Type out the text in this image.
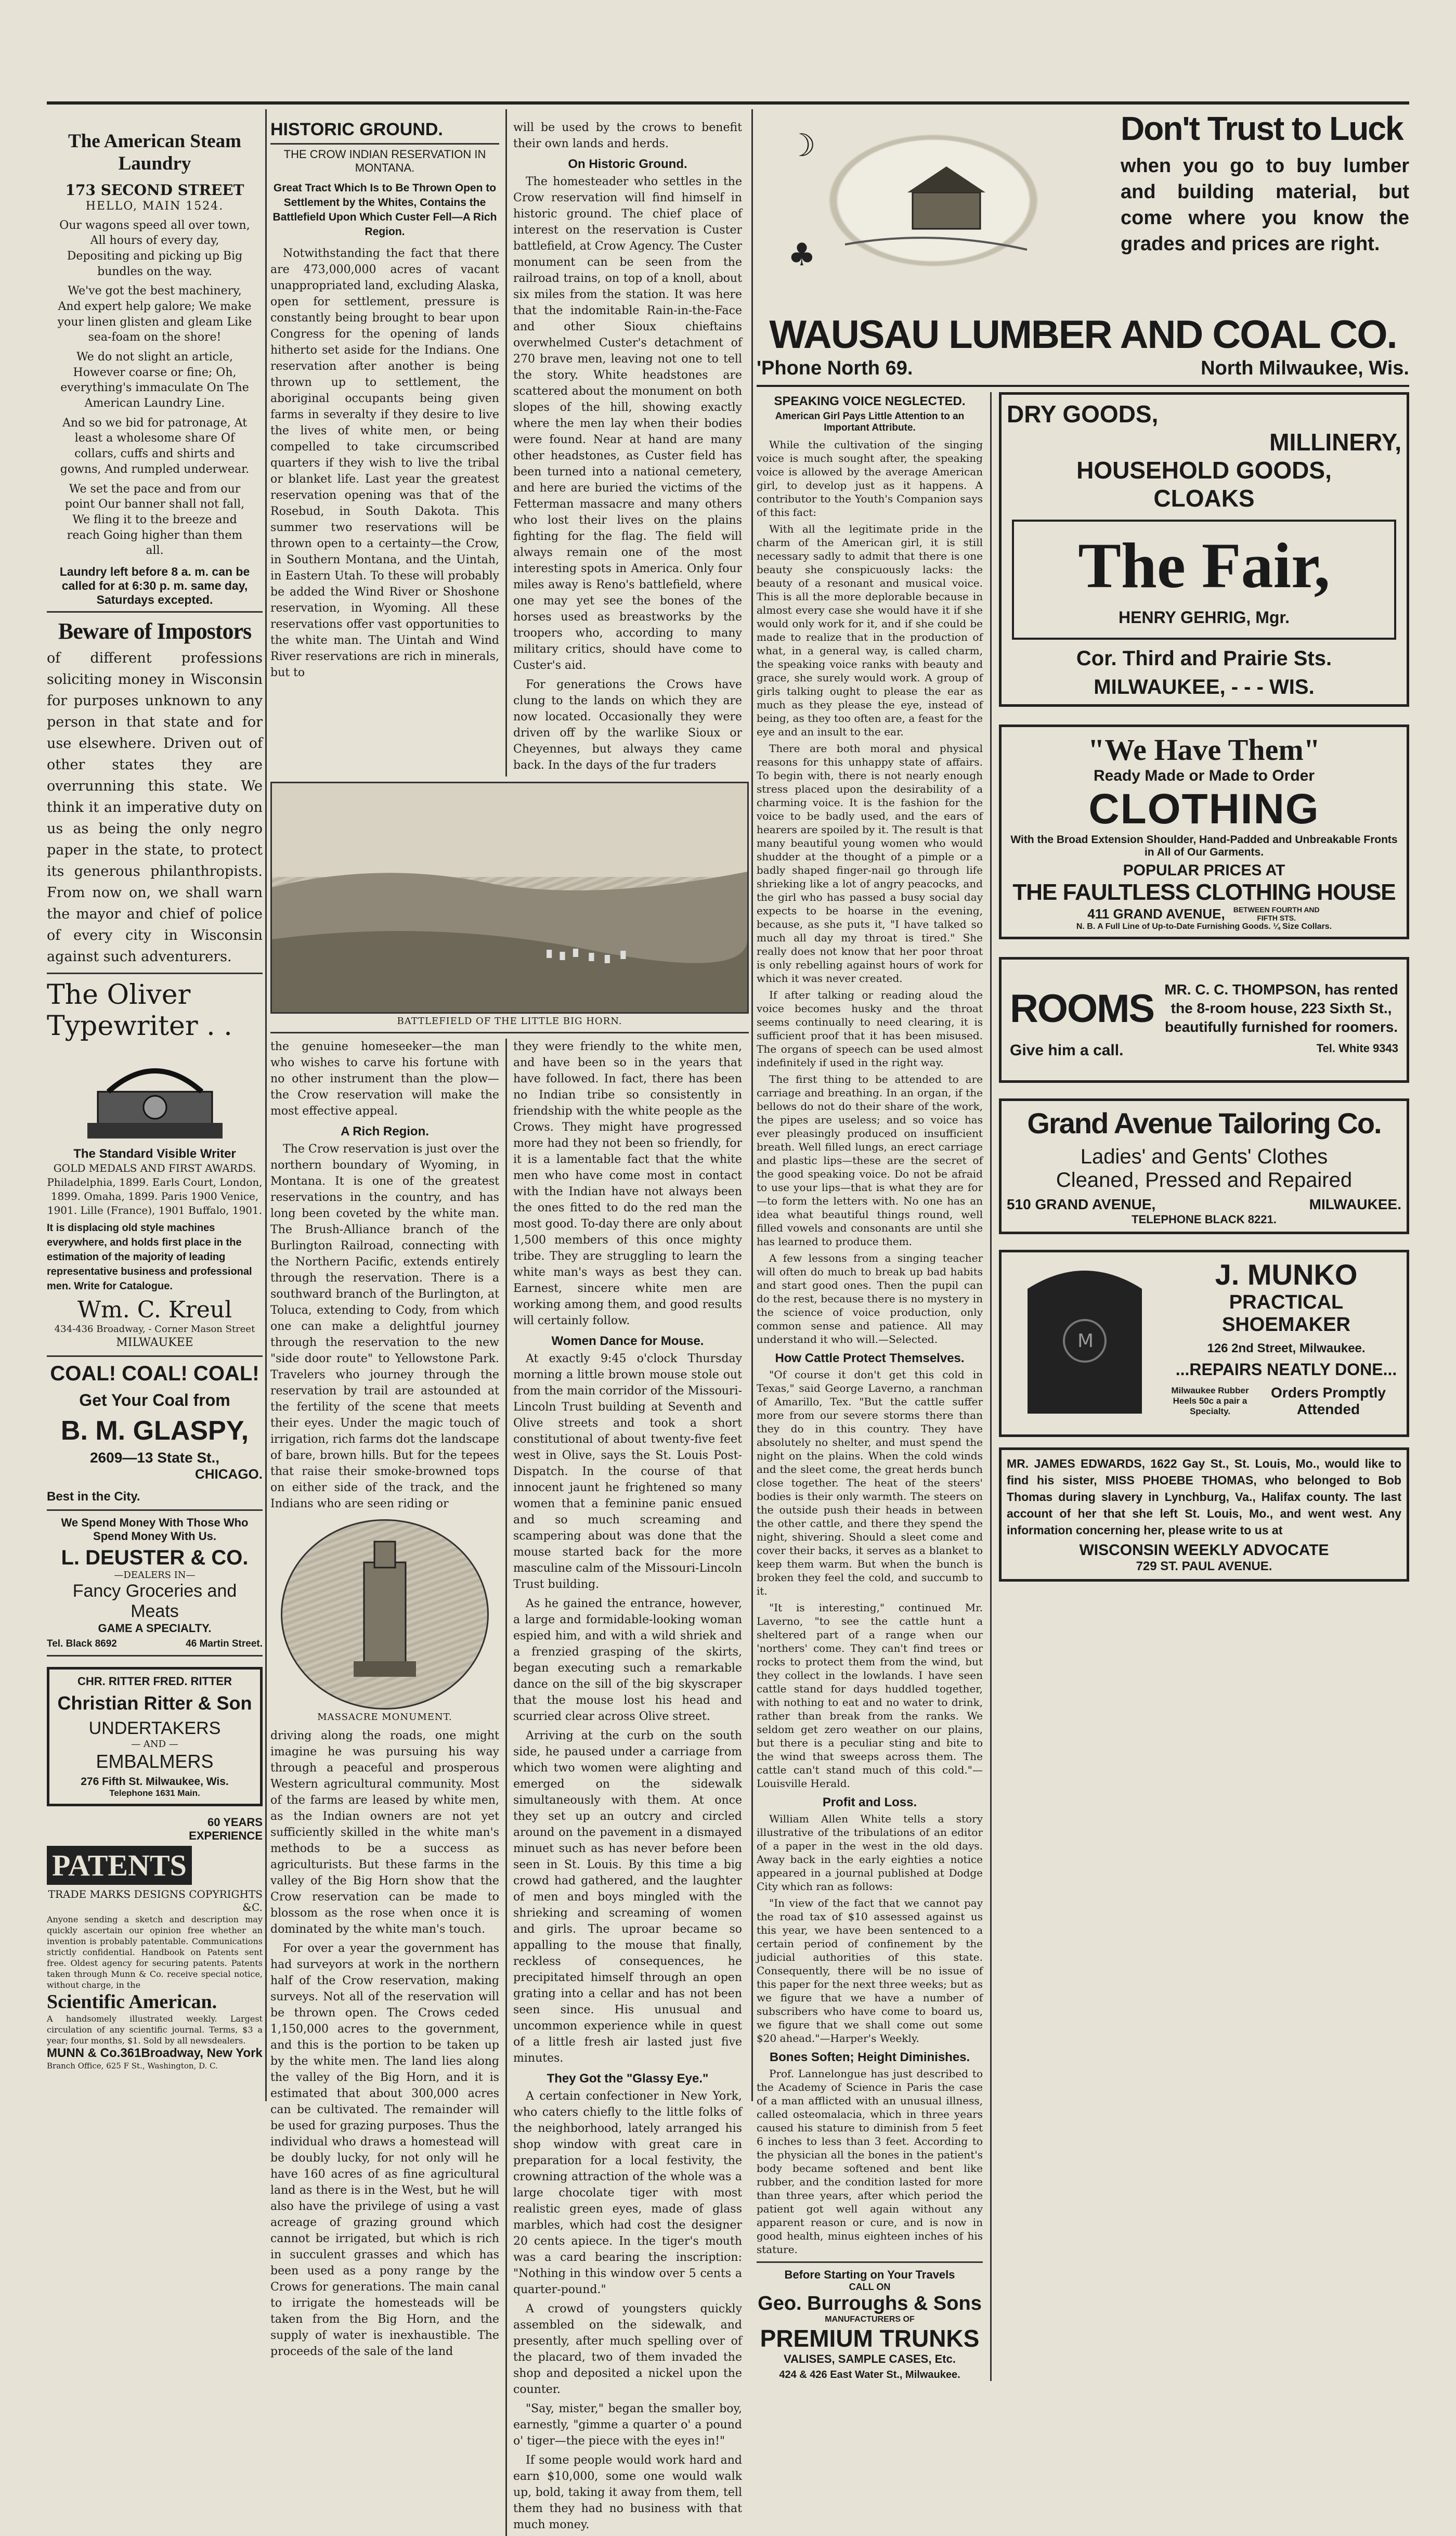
The American Steam Laundry
173 SECOND STREET
HELLO, MAIN 1524.
Our wagons speed all over town, All hours of every day, Depositing and picking up Big bundles on the way.
We've got the best machinery, And expert help galore; We make your linen glisten and gleam Like sea-foam on the shore!
We do not slight an article, However coarse or fine; Oh, everything's immaculate On The American Laundry Line.
And so we bid for patronage, At least a wholesome share Of collars, cuffs and shirts and gowns, And rumpled underwear.
We set the pace and from our point Our banner shall not fall, We fling it to the breeze and reach Going higher than them all.
Laundry left before 8 a. m. can be called for at 6:30 p. m. same day, Saturdays excepted.
Beware of Impostors
of different professions soliciting money in Wisconsin for purposes unknown to any person in that state and for use elsewhere. Driven out of other states they are overrunning this state. We think it an imperative duty on us as being the only negro paper in the state, to protect its generous philanthropists. From now on, we shall warn the mayor and chief of police of every city in Wisconsin against such adventurers.
The Oliver Typewriter . .
The Standard Visible Writer
GOLD MEDALS AND FIRST AWARDS. Philadelphia, 1899. Earls Court, London, 1899. Omaha, 1899. Paris 1900 Venice, 1901. Lille (France), 1901 Buffalo, 1901.
It is displacing old style machines everywhere, and holds first place in the estimation of the majority of leading representative business and professional men. Write for Catalogue.
Wm. C. Kreul
434-436 Broadway, - Corner Mason Street
MILWAUKEE
COAL! COAL! COAL!
Get Your Coal from
B. M. GLASPY,
2609—13 State St.,
CHICAGO.
Best in the City.
We Spend Money With Those Who Spend Money With Us.
L. DEUSTER & CO.
—DEALERS IN—
Fancy Groceries and Meats
GAME A SPECIALTY.
Tel. Black 8692	46 Martin Street.
CHR. RITTER FRED. RITTER
Christian Ritter & Son
UNDERTAKERS
— AND —
EMBALMERS
276 Fifth St. Milwaukee, Wis.
Telephone 1631 Main.
60 YEARS EXPERIENCE
PATENTS
TRADE MARKS DESIGNS COPYRIGHTS &C.
Anyone sending a sketch and description may quickly ascertain our opinion free whether an invention is probably patentable. Communications strictly confidential. Handbook on Patents sent free. Oldest agency for securing patents. Patents taken through Munn & Co. receive special notice, without charge, in the
Scientific American.
A handsomely illustrated weekly. Largest circulation of any scientific journal. Terms, $3 a year; four months, $1. Sold by all newsdealers.
MUNN & Co.361Broadway, New York
Branch Office, 625 F St., Washington, D. C.
HISTORIC GROUND.
THE CROW INDIAN RESERVATION IN MONTANA.
Great Tract Which Is to Be Thrown Open to Settlement by the Whites, Contains the Battlefield Upon Which Custer Fell—A Rich Region.

Notwithstanding the fact that there are 473,000,000 acres of vacant unappropriated land, excluding Alaska, open for settlement, pressure is constantly being brought to bear upon Congress for the opening of lands hitherto set aside for the Indians. One reservation after another is being thrown up to settlement, the aboriginal occupants being given farms in severalty if they desire to live the lives of white men, or being compelled to take circumscribed quarters if they wish to live the tribal or blanket life. Last year the greatest reservation opening was that of the Rosebud, in South Dakota. This summer two reservations will be thrown open to a certainty—the Crow, in Southern Montana, and the Uintah, in Eastern Utah. To these will probably be added the Wind River or Shoshone reservation, in Wyoming. All these reservations offer vast opportunities to the white man. The Uintah and Wind River reservations are rich in minerals, but to

will be used by the crows to benefit their own lands and herds.

On Historic Ground.

The homesteader who settles in the Crow reservation will find himself in historic ground. The chief place of interest on the reservation is Custer battlefield, at Crow Agency. The Custer monument can be seen from the railroad trains, on top of a knoll, about six miles from the station. It was here that the indomitable Rain-in-the-Face and other Sioux chieftains overwhelmed Custer's detachment of 270 brave men, leaving not one to tell the story. White headstones are scattered about the monument on both slopes of the hill, showing exactly where the men lay when their bodies were found. Near at hand are many other headstones, as Custer field has been turned into a national cemetery, and here are buried the victims of the Fetterman massacre and many others who lost their lives on the plains fighting for the flag. The field will always remain one of the most interesting spots in America. Only four miles away is Reno's battlefield, where one may yet see the bones of the horses used as breastworks by the troopers who, according to many military critics, should have come to Custer's aid.

For generations the Crows have clung to the lands on which they are now located. Occasionally they were driven off by the warlike Sioux or Cheyennes, but always they came back. In the days of the fur traders

BATTLEFIELD OF THE LITTLE BIG HORN.

the genuine homeseeker—the man who wishes to carve his fortune with no other instrument than the plow—the Crow reservation will make the most effective appeal.

A Rich Region.

The Crow reservation is just over the northern boundary of Wyoming, in Montana. It is one of the greatest reservations in the country, and has long been coveted by the white man. The Brush-Alliance branch of the Burlington Railroad, connecting with the Northern Pacific, extends entirely through the reservation. There is a southward branch of the Burlington, at Toluca, extending to Cody, from which one can make a delightful journey through the reservation to the new "side door route" to Yellowstone Park. Travelers who journey through the reservation by trail are astounded at the fertility of the scene that meets their eyes. Under the magic touch of irrigation, rich farms dot the landscape of bare, brown hills. But for the tepees that raise their smoke-browned tops on either side of the track, and the Indians who are seen riding or

MASSACRE MONUMENT.

driving along the roads, one might imagine he was pursuing his way through a peaceful and prosperous Western agricultural community. Most of the farms are leased by white men, as the Indian owners are not yet sufficiently skilled in the white man's methods to be a success as agriculturists. But these farms in the valley of the Big Horn show that the Crow reservation can be made to blossom as the rose when once it is dominated by the white man's touch.

For over a year the government has had surveyors at work in the northern half of the Crow reservation, making surveys. Not all of the reservation will be thrown open. The Crows ceded 1,150,000 acres to the government, and this is the portion to be taken up by the white men. The land lies along the valley of the Big Horn, and it is estimated that about 300,000 acres can be cultivated. The remainder will be used for grazing purposes. Thus the individual who draws a homestead will be doubly lucky, for not only will he have 160 acres of as fine agricultural land as there is in the West, but he will also have the privilege of using a vast acreage of grazing ground which cannot be irrigated, but which is rich in succulent grasses and which has been used as a pony range by the Crows for generations. The main canal to irrigate the homesteads will be taken from the Big Horn, and the supply of water is inexhaustible. The proceeds of the sale of the land

they were friendly to the white men, and have been so in the years that have followed. In fact, there has been no Indian tribe so consistently in friendship with the white people as the Crows. They might have progressed more had they not been so friendly, for it is a lamentable fact that the white men who have come most in contact with the Indian have not always been the ones fitted to do the red man the most good. To-day there are only about 1,500 members of this once mighty tribe. They are struggling to learn the white man's ways as best they can. Earnest, sincere white men are working among them, and good results will certainly follow.

Women Dance for Mouse.

At exactly 9:45 o'clock Thursday morning a little brown mouse stole out from the main corridor of the Missouri-Lincoln Trust building at Seventh and Olive streets and took a short constitutional of about twenty-five feet west in Olive, says the St. Louis Post-Dispatch. In the course of that innocent jaunt he frightened so many women that a feminine panic ensued and so much screaming and scampering about was done that the mouse started back for the more masculine calm of the Missouri-Lincoln Trust building.

As he gained the entrance, however, a large and formidable-looking woman espied him, and with a wild shriek and a frenzied grasping of the skirts, began executing such a remarkable dance on the sill of the big skyscraper that the mouse lost his head and scurried clear across Olive street.

Arriving at the curb on the south side, he paused under a carriage from which two women were alighting and emerged on the sidewalk simultaneously with them. At once they set up an outcry and circled around on the pavement in a dismayed minuet such as has never before been seen in St. Louis. By this time a big crowd had gathered, and the laughter of men and boys mingled with the shrieking and screaming of women and girls. The uproar became so appalling to the mouse that finally, reckless of consequences, he precipitated himself through an open grating into a cellar and has not been seen since. His unusual and uncommon experience while in quest of a little fresh air lasted just five minutes.

They Got the "Glassy Eye."

A certain confectioner in New York, who caters chiefly to the little folks of the neighborhood, lately arranged his shop window with great care in preparation for a local festivity, the crowning attraction of the whole was a large chocolate tiger with most realistic green eyes, made of glass marbles, which had cost the designer 20 cents apiece. In the tiger's mouth was a card bearing the inscription: "Nothing in this window over 5 cents a quarter-pound."

A crowd of youngsters quickly assembled on the sidewalk, and presently, after much spelling over of the placard, two of them invaded the shop and deposited a nickel upon the counter.

"Say, mister," began the smaller boy, earnestly, "gimme a quarter o' a pound o' tiger—the piece with the eyes in!"

If some people would work hard and earn $10,000, some one would walk up, bold, taking it away from them, tell them they had no business with that much money.

☽
♣
Don't Trust to Luck
when you go to buy lumber and building material, but come where you know the grades and prices are right.
WAUSAU LUMBER AND COAL CO.
'Phone North 69.	North Milwaukee, Wis.
SPEAKING VOICE NEGLECTED.
American Girl Pays Little Attention to an Important Attribute.

While the cultivation of the singing voice is much sought after, the speaking voice is allowed by the average American girl, to develop just as it happens. A contributor to the Youth's Companion says of this fact:

With all the legitimate pride in the charm of the American girl, it is still necessary sadly to admit that there is one beauty she conspicuously lacks: the beauty of a resonant and musical voice. This is all the more deplorable because in almost every case she would have it if she would only work for it, and if she could be made to realize that in the production of what, in a general way, is called charm, the speaking voice ranks with beauty and grace, she surely would work. A group of girls talking ought to please the ear as much as they please the eye, instead of being, as they too often are, a feast for the eye and an insult to the ear.

There are both moral and physical reasons for this unhappy state of affairs. To begin with, there is not nearly enough stress placed upon the desirability of a charming voice. It is the fashion for the voice to be badly used, and the ears of hearers are spoiled by it. The result is that many beautiful young women who would shudder at the thought of a pimple or a badly shaped finger-nail go through life shrieking like a lot of angry peacocks, and the girl who has passed a busy social day expects to be hoarse in the evening, because, as she puts it, "I have talked so much all day my throat is tired." She really does not know that her poor throat is only rebelling against hours of work for which it was never created.

If after talking or reading aloud the voice becomes husky and the throat seems continually to need clearing, it is sufficient proof that it has been misused. The organs of speech can be used almost indefinitely if used in the right way.

The first thing to be attended to are carriage and breathing. In an organ, if the bellows do not do their share of the work, the pipes are useless; and so voice has ever pleasingly produced on insufficient breath. Well filled lungs, an erect carriage and plastic lips—these are the secret of the good speaking voice. Do not be afraid to use your lips—that is what they are for—to form the letters with. No one has an idea what beautiful things round, well filled vowels and consonants are until she has learned to produce them.

A few lessons from a singing teacher will often do much to break up bad habits and start good ones. Then the pupil can do the rest, because there is no mystery in the science of voice production, only common sense and patience. All may understand it who will.—Selected.

How Cattle Protect Themselves.

"Of course it don't get this cold in Texas," said George Laverno, a ranchman of Amarillo, Tex. "But the cattle suffer more from our severe storms there than they do in this country. They have absolutely no shelter, and must spend the night on the plains. When the cold winds and the sleet come, the great herds bunch close together. The heat of the steers' bodies is their only warmth. The steers on the outside push their heads in between the other cattle, and there they spend the night, shivering. Should a sleet come and cover their backs, it serves as a blanket to keep them warm. But when the bunch is broken they feel the cold, and succumb to it.

"It is interesting," continued Mr. Laverno, "to see the cattle hunt a sheltered part of a range when our 'northers' come. They can't find trees or rocks to protect them from the wind, but they collect in the lowlands. I have seen cattle stand for days huddled together, with nothing to eat and no water to drink, rather than break from the ranks. We seldom get zero weather on our plains, but there is a peculiar sting and bite to the wind that sweeps across them. The cattle can't stand much of this cold."—Louisville Herald.

Profit and Loss.

William Allen White tells a story illustrative of the tribulations of an editor of a paper in the west in the old days. Away back in the early eighties a notice appeared in a journal published at Dodge City which ran as follows:

"In view of the fact that we cannot pay the road tax of $10 assessed against us this year, we have been sentenced to a certain period of confinement by the judicial authorities of this state. Consequently, there will be no issue of this paper for the next three weeks; but as we figure that we have a number of subscribers who have come to board us, we figure that we shall come out some $20 ahead."—Harper's Weekly.

Bones Soften; Height Diminishes.

Prof. Lannelongue has just described to the Academy of Science in Paris the case of a man afflicted with an unusual illness, called osteomalacia, which in three years caused his stature to diminish from 5 feet 6 inches to less than 3 feet. According to the physician all the bones in the patient's body became softened and bent like rubber, and the condition lasted for more than three years, after which period the patient got well again without any apparent reason or cure, and is now in good health, minus eighteen inches of his stature.

Before Starting on Your Travels
CALL ON
Geo. Burroughs & Sons
MANUFACTURERS OF
PREMIUM TRUNKS
VALISES, SAMPLE CASES, Etc.
424 & 426 East Water St., Milwaukee.
DRY GOODS,
MILLINERY,
HOUSEHOLD GOODS,
CLOAKS
The Fair,
HENRY GEHRIG, Mgr.
Cor. Third and Prairie Sts.
MILWAUKEE, - - - WIS.
"We Have Them"
Ready Made or Made to Order
CLOTHING
With the Broad Extension Shoulder, Hand-Padded and Unbreakable Fronts in All of Our Garments.
POPULAR PRICES AT
THE FAULTLESS CLOTHING HOUSE
411 GRAND AVENUE, BETWEEN FOURTH AND FIFTH STS.
N. B. A Full Line of Up-to-Date Furnishing Goods. ¼ Size Collars.
ROOMS MR. C. C. THOMPSON, has rented the 8-room house, 223 Sixth St., beautifully furnished for roomers.
Give him a call.	Tel. White 9343
Grand Avenue Tailoring Co.
Ladies' and Gents' Clothes
Cleaned, Pressed and Repaired
510 GRAND AVENUE,	MILWAUKEE.
TELEPHONE BLACK 8221.
M
J. MUNKO
PRACTICAL SHOEMAKER
126 2nd Street, Milwaukee.
...REPAIRS NEATLY DONE...
Milwaukee Rubber Heels 50c a pair a Specialty.
Orders Promptly Attended
MR. JAMES EDWARDS, 1622 Gay St., St. Louis, Mo., would like to find his sister, MISS PHOEBE THOMAS, who belonged to Bob Thomas during slavery in Lynchburg, Va., Halifax county. The last account of her that she left St. Louis, Mo., and went west. Any information concerning her, please write to us at
WISCONSIN WEEKLY ADVOCATE
729 ST. PAUL AVENUE.
